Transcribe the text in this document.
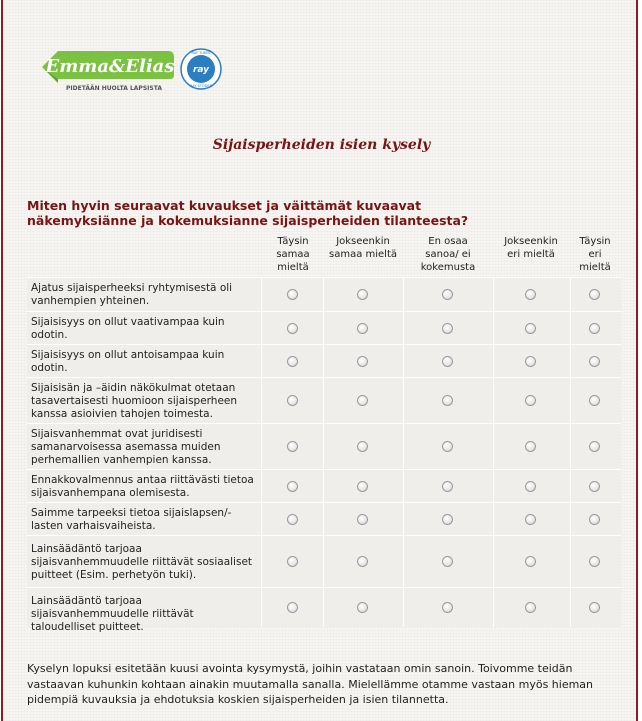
Emma&Elias
PIDETÄÄN HUOLTA LAPSISTA
ray
RAY TUKEE
RAY STÖDER
Sijaisperheiden isien kysely
Miten hyvin seuraavat kuvaukset ja väittämät kuvaavat näkemyksiänne ja kokemuksianne sijaisperheiden tilanteesta?
Täysin
samaa
mieltä
Jokseenkin
samaa mieltä
En osaa
sanoa/ ei
kokemusta
Jokseenkin
eri mieltä
Täysin
eri
mieltä
Ajatus sijaisperheeksi ryhtymisestä oli vanhempien yhteinen.
Sijaisisyys on ollut vaativampaa kuin odotin.
Sijaisisyys on ollut antoisampaa kuin odotin.
Sijaisisän ja –äidin näkökulmat otetaan tasavertaisesti huomioon sijaisperheen kanssa asioivien tahojen toimesta.
Sijaisvanhemmat ovat juridisesti samanarvoisessa asemassa muiden perhemallien vanhempien kanssa.
Ennakkovalmennus antaa riittävästi tietoa sijaisvanhempana olemisesta.
Saimme tarpeeksi tietoa sijaislapsen/-lasten varhaisvaiheista.
Lainsäädäntö tarjoaa sijaisvanhemmuudelle riittävät sosiaaliset puitteet (Esim. perhetyön tuki).
Lainsäädäntö tarjoaa sijaisvanhemmuudelle riittävät taloudelliset puitteet.
Kyselyn lopuksi esitetään kuusi avointa kysymystä, joihin vastataan omin sanoin. Toivomme teidän vastaavan kuhunkin kohtaan ainakin muutamalla sanalla. Mielellämme otamme vastaan myös hieman pidempiä kuvauksia ja ehdotuksia koskien sijaisperheiden ja isien tilannetta.
